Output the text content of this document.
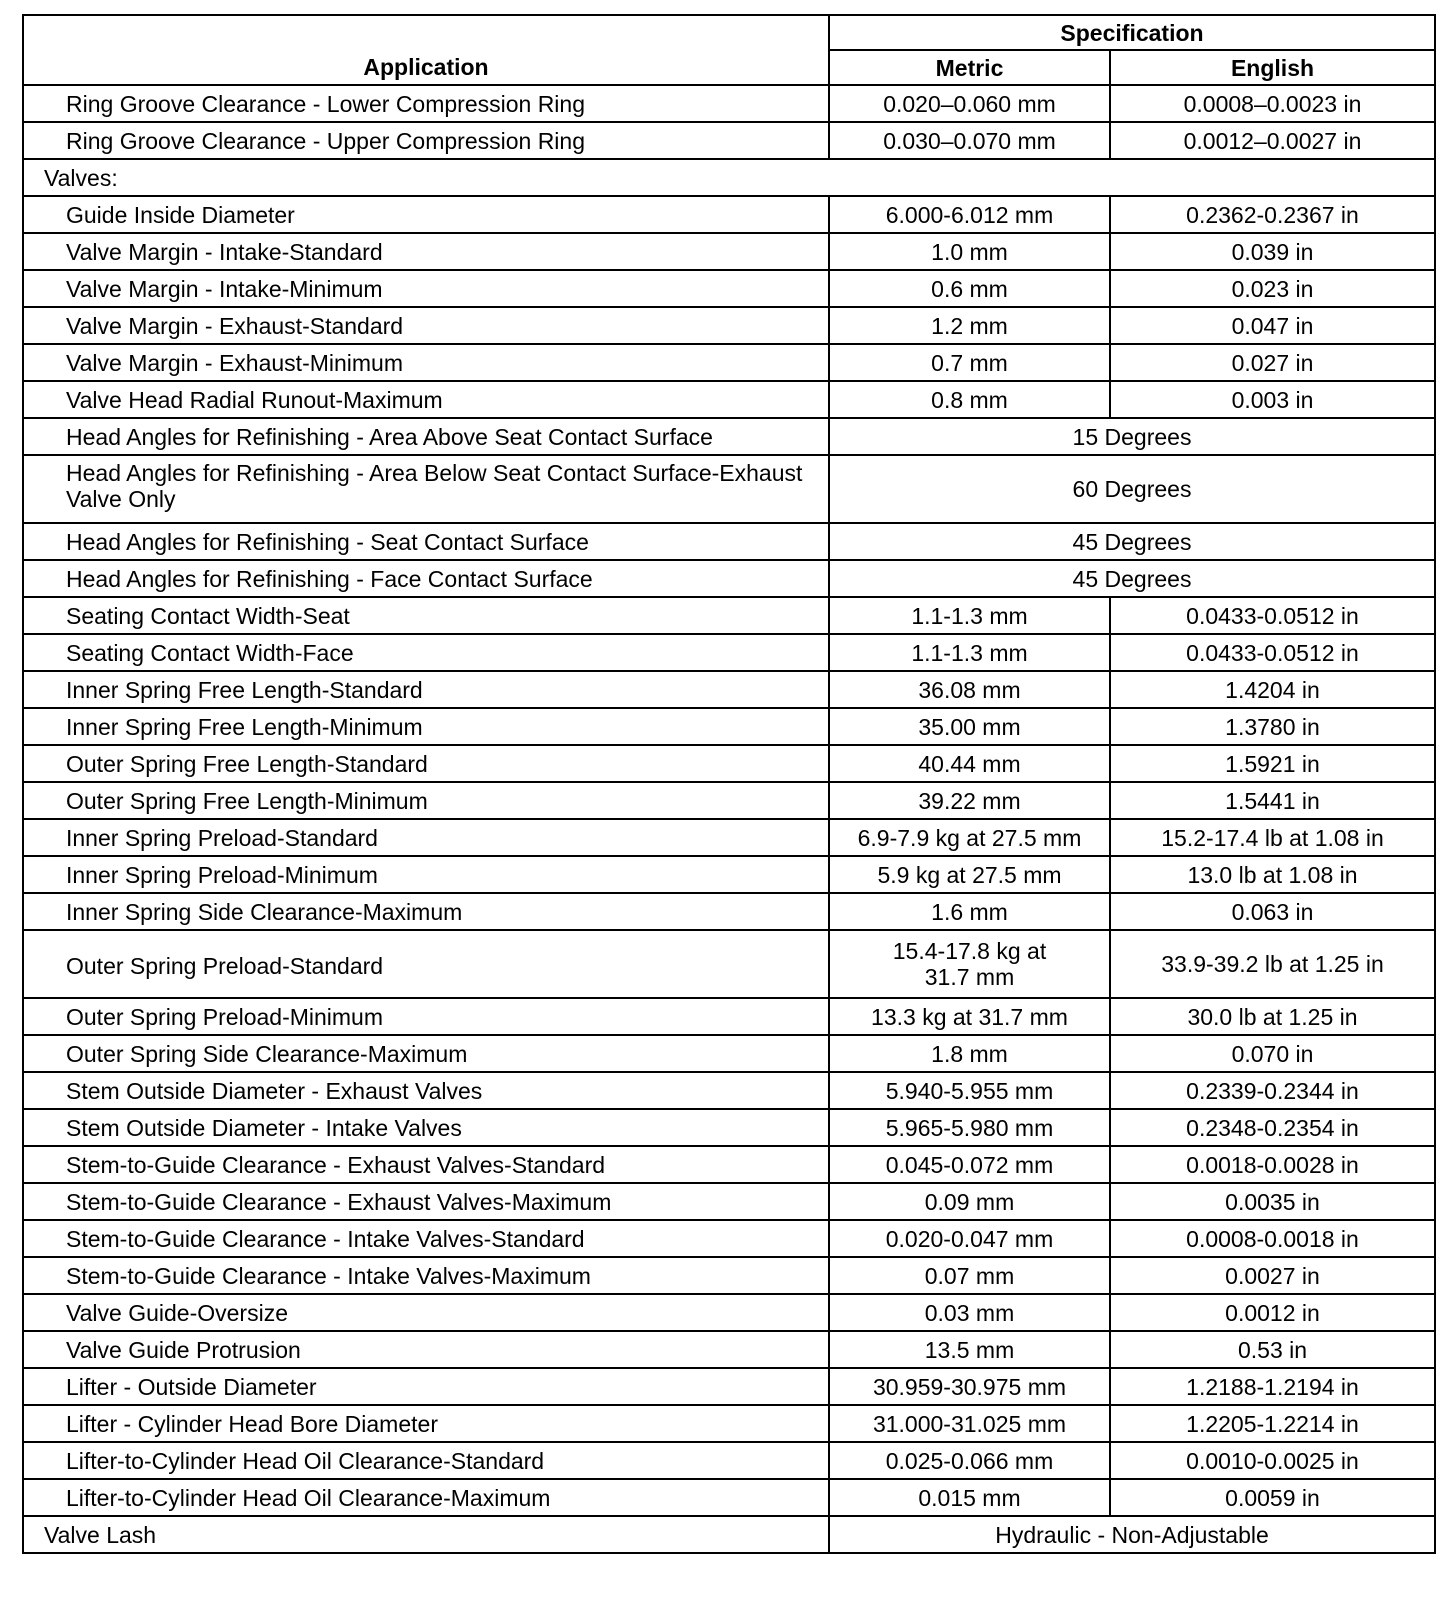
Application	Specification	
	Metric	English
Ring Groove Clearance - Lower Compression Ring	0.020–0.060 mm	0.0008–0.0023 in
Ring Groove Clearance - Upper Compression Ring	0.030–0.070 mm	0.0012–0.0027 in
Valves:		
Guide Inside Diameter	6.000-6.012 mm	0.2362-0.2367 in
Valve Margin - Intake-Standard	1.0 mm	0.039 in
Valve Margin - Intake-Minimum	0.6 mm	0.023 in
Valve Margin - Exhaust-Standard	1.2 mm	0.047 in
Valve Margin - Exhaust-Minimum	0.7 mm	0.027 in
Valve Head Radial Runout-Maximum	0.8 mm	0.003 in
Head Angles for Refinishing - Area Above Seat Contact Surface	15 Degrees	
Head Angles for Refinishing - Area Below Seat Contact Surface-Exhaust Valve Only	60 Degrees	
Head Angles for Refinishing - Seat Contact Surface	45 Degrees	
Head Angles for Refinishing - Face Contact Surface	45 Degrees	
Seating Contact Width-Seat	1.1-1.3 mm	0.0433-0.0512 in
Seating Contact Width-Face	1.1-1.3 mm	0.0433-0.0512 in
Inner Spring Free Length-Standard	36.08 mm	1.4204 in
Inner Spring Free Length-Minimum	35.00 mm	1.3780 in
Outer Spring Free Length-Standard	40.44 mm	1.5921 in
Outer Spring Free Length-Minimum	39.22 mm	1.5441 in
Inner Spring Preload-Standard	6.9-7.9 kg at 27.5 mm	15.2-17.4 lb at 1.08 in
Inner Spring Preload-Minimum	5.9 kg at 27.5 mm	13.0 lb at 1.08 in
Inner Spring Side Clearance-Maximum	1.6 mm	0.063 in
Outer Spring Preload-Standard	15.4-17.8 kg at 31.7 mm	33.9-39.2 lb at 1.25 in
Outer Spring Preload-Minimum	13.3 kg at 31.7 mm	30.0 lb at 1.25 in
Outer Spring Side Clearance-Maximum	1.8 mm	0.070 in
Stem Outside Diameter - Exhaust Valves	5.940-5.955 mm	0.2339-0.2344 in
Stem Outside Diameter - Intake Valves	5.965-5.980 mm	0.2348-0.2354 in
Stem-to-Guide Clearance - Exhaust Valves-Standard	0.045-0.072 mm	0.0018-0.0028 in
Stem-to-Guide Clearance - Exhaust Valves-Maximum	0.09 mm	0.0035 in
Stem-to-Guide Clearance - Intake Valves-Standard	0.020-0.047 mm	0.0008-0.0018 in
Stem-to-Guide Clearance - Intake Valves-Maximum	0.07 mm	0.0027 in
Valve Guide-Oversize	0.03 mm	0.0012 in
Valve Guide Protrusion	13.5 mm	0.53 in
Lifter - Outside Diameter	30.959-30.975 mm	1.2188-1.2194 in
Lifter - Cylinder Head Bore Diameter	31.000-31.025 mm	1.2205-1.2214 in
Lifter-to-Cylinder Head Oil Clearance-Standard	0.025-0.066 mm	0.0010-0.0025 in
Lifter-to-Cylinder Head Oil Clearance-Maximum	0.015 mm	0.0059 in
Valve Lash	Hydraulic - Non-Adjustable	
